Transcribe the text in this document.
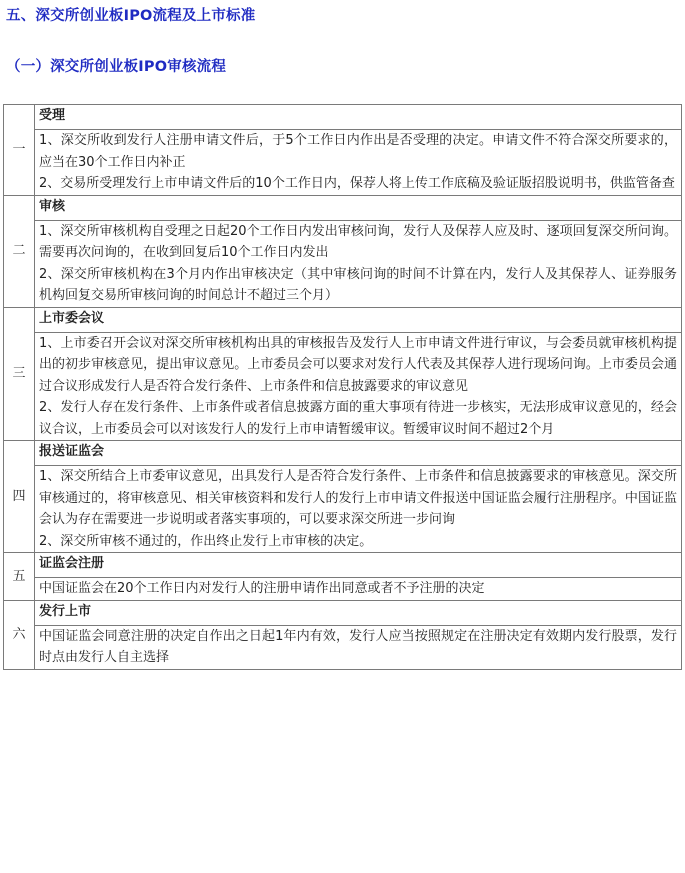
五、深交所创业板IPO流程及上市标准
（一）深交所创业板IPO审核流程
一	受理

	1、深交所收到发行人注册申请文件后，于5个工作日内作出是否受理的决定。申请文件不符合深交所要求的，应当在30个工作日内补正

2、交易所受理发行上市申请文件后的10个工作日内，保荐人将上传工作底稿及验证版招股说明书，供监管备查

二	审核

	1、深交所审核机构自受理之日起20个工作日内发出审核问询，发行人及保荐人应及时、逐项回复深交所问询。需要再次问询的，在收到回复后10个工作日内发出

2、深交所审核机构在3个月内作出审核决定（其中审核问询的时间不计算在内，发行人及其保荐人、证券服务机构回复交易所审核问询的时间总计不超过三个月）

三	上市委会议

	1、上市委召开会议对深交所审核机构出具的审核报告及发行人上市申请文件进行审议，与会委员就审核机构提出的初步审核意见，提出审议意见。上市委员会可以要求对发行人代表及其保荐人进行现场问询。上市委员会通过合议形成发行人是否符合发行条件、上市条件和信息披露要求的审议意见

2、发行人存在发行条件、上市条件或者信息披露方面的重大事项有待进一步核实，无法形成审议意见的，经会议合议，上市委员会可以对该发行人的发行上市申请暂缓审议。暂缓审议时间不超过2个月

四	报送证监会

	1、深交所结合上市委审议意见，出具发行人是否符合发行条件、上市条件和信息披露要求的审核意见。深交所审核通过的，将审核意见、相关审核资料和发行人的发行上市申请文件报送中国证监会履行注册程序。中国证监会认为存在需要进一步说明或者落实事项的，可以要求深交所进一步问询

2、深交所审核不通过的，作出终止发行上市审核的决定。

五	证监会注册

	中国证监会在20个工作日内对发行人的注册申请作出同意或者不予注册的决定

六	发行上市

	中国证监会同意注册的决定自作出之日起1年内有效，发行人应当按照规定在注册决定有效期内发行股票，发行时点由发行人自主选择
